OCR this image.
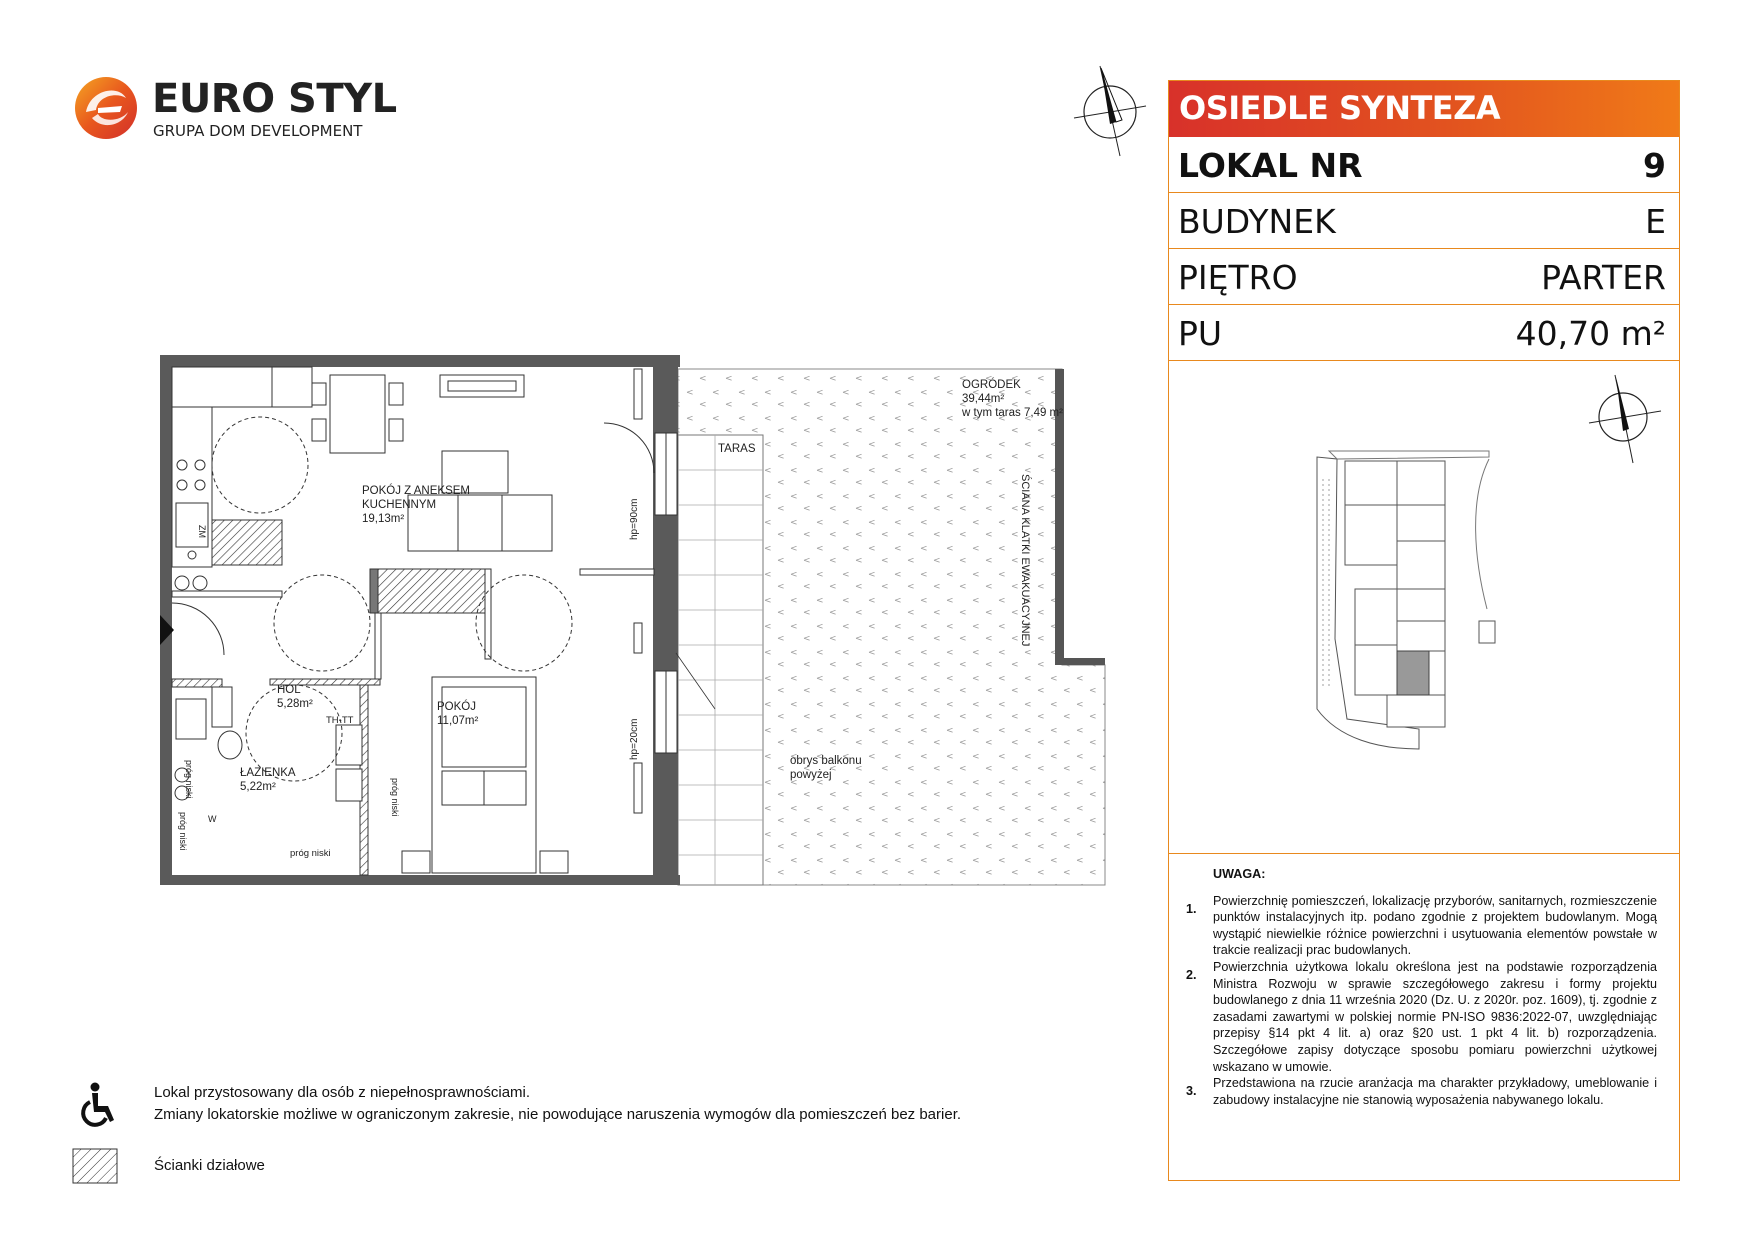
EURO STYL
GRUPA DOM DEVELOPMENT
OGRÓDEK
39,44m²
w tym taras 7,49 m²
TARAS
ŚCIANA KLATKI EWAKUACYJNEJ
obrys balkonu
powyżej
POKÓJ Z ANEKSEM
KUCHENNYM
19,13m²
HOL
5,28m²	POKÓJ
11,07m²
ŁAZIENKA
5,22m²
hp=90cm
hp=20cm
próg niski
próg niski
próg niski
próg niski
ZM
W
TH-TT
OSIEDLE SYNTEZA
LOKAL NR	9
BUDYNEK	E
PIĘTRO	PARTER
PU	40,70 m²
UWAGA:
1.
Powierzchnię pomieszczeń, lokalizację przyborów, sanitarnych, rozmieszczenie punktów instalacyjnych itp. podano zgodnie z projektem budowlanym. Mogą wystąpić niewielkie różnice powierzchni i usytuowania elementów powstałe w trakcie realizacji prac budowlanych.
2.
Powierzchnia użytkowa lokalu określona jest na podstawie rozporządzenia Ministra Rozwoju w sprawie szczegółowego zakresu i formy projektu budowlanego z dnia 11 września 2020 (Dz. U. z 2020r. poz. 1609), tj. zgodnie z zasadami zawartymi w polskiej normie PN-ISO 9836:2022-07, uwzględniając przepisy §14 pkt 4 lit. a) oraz §20 ust. 1 pkt 4 lit. b) rozporządzenia. Szczegółowe zapisy dotyczące sposobu pomiaru powierzchni użytkowej wskazano w umowie.
3.
Przedstawiona na rzucie aranżacja ma charakter przykładowy, umeblowanie i zabudowy instalacyjne nie stanowią wyposażenia nabywanego lokalu.
Lokal przystosowany dla osób z niepełnosprawnościami.
Zmiany lokatorskie możliwe w ograniczonym zakresie, nie powodujące naruszenia wymogów dla pomieszczeń bez barier.
Ścianki działowe
